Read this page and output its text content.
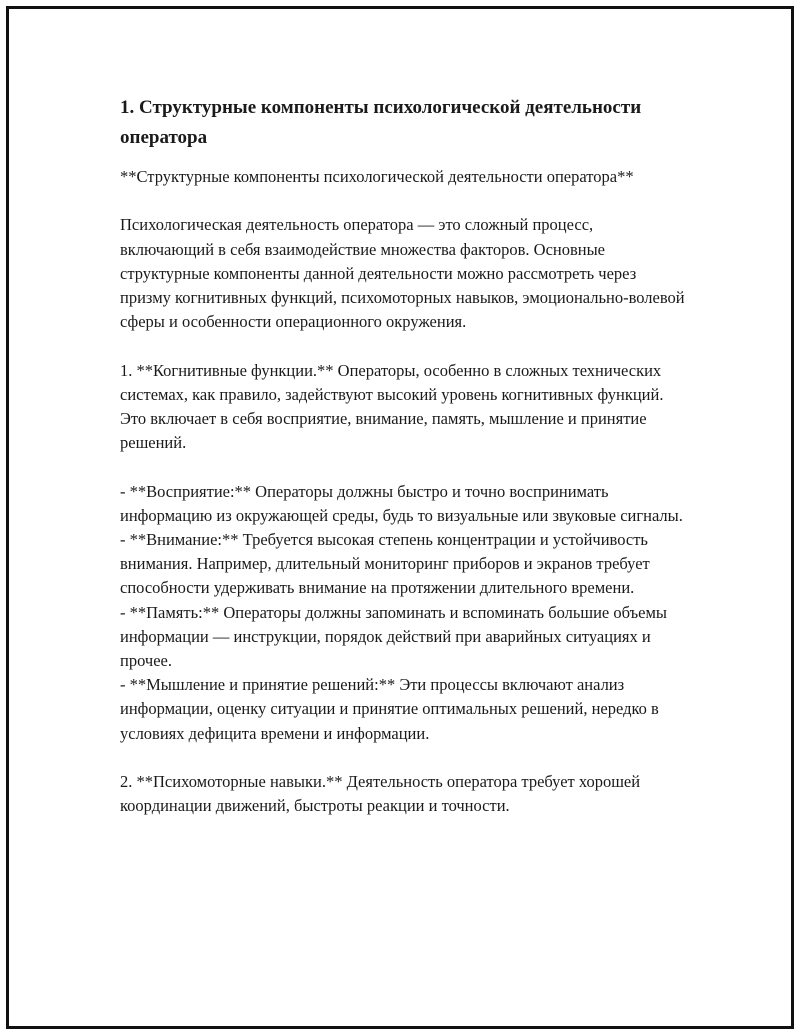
1. Структурные компоненты психологической деятельности оператора

**Структурные компоненты психологической деятельности оператора**

Психологическая деятельность оператора — это сложный процесс, включающий в себя взаимодействие множества факторов. Основные структурные компоненты данной деятельности можно рассмотреть через призму когнитивных функций, психомоторных навыков, эмоционально-волевой сферы и особенности операционного окружения.

1. **Когнитивные функции.** Операторы, особенно в сложных технических системах, как правило, задействуют высокий уровень когнитивных функций. Это включает в себя восприятие, внимание, память, мышление и принятие решений.

- **Восприятие:** Операторы должны быстро и точно воспринимать информацию из окружающей среды, будь то визуальные или звуковые сигналы.
- **Внимание:** Требуется высокая степень концентрации и устойчивость внимания. Например, длительный мониторинг приборов и экранов требует способности удерживать внимание на протяжении длительного времени.
- **Память:** Операторы должны запоминать и вспоминать большие объемы информации — инструкции, порядок действий при аварийных ситуациях и прочее.
- **Мышление и принятие решений:** Эти процессы включают анализ информации, оценку ситуации и принятие оптимальных решений, нередко в условиях дефицита времени и информации.

2. **Психомоторные навыки.** Деятельность оператора требует хорошей координации движений, быстроты реакции и точности.
